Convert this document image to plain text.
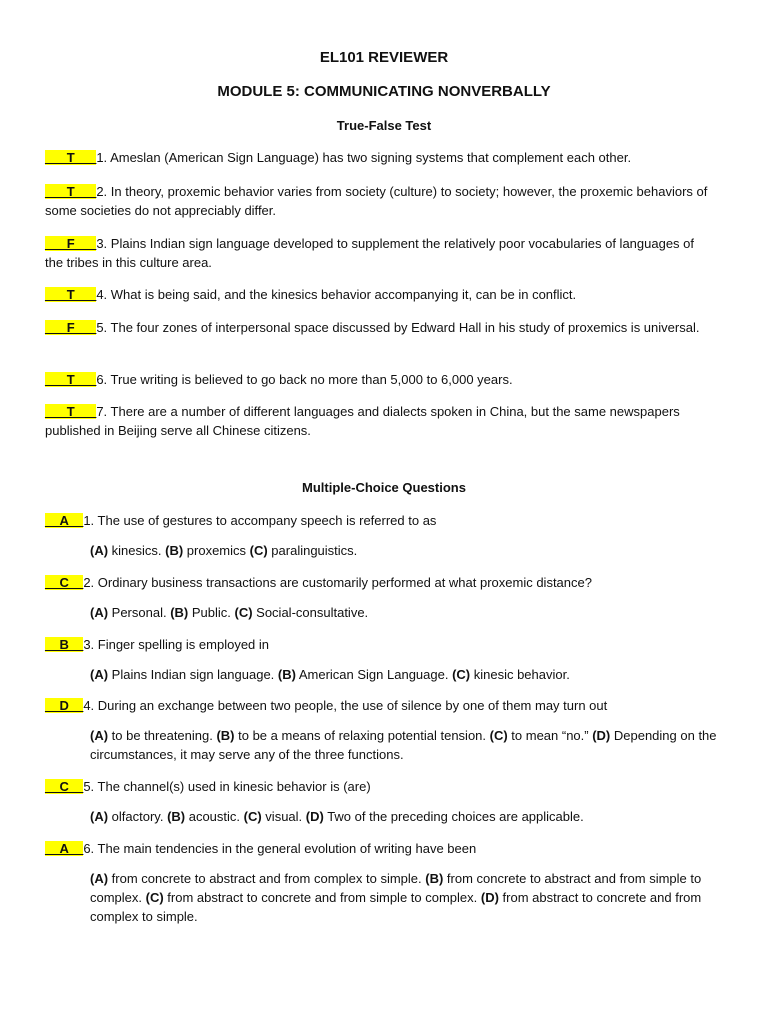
EL101 REVIEWER
MODULE 5: COMMUNICATING NONVERBALLY
True-False Test
___T___1. Ameslan (American Sign Language) has two signing systems that complement each other.
___T___2. In theory, proxemic behavior varies from society (culture) to society; however, the proxemic behaviors of some societies do not appreciably differ.
___F___3. Plains Indian sign language developed to supplement the relatively poor vocabularies of languages of    the tribes in this culture area.
___T___4. What is being said, and the kinesics behavior accompanying it, can be in conflict.
___F___5. The four zones of interpersonal space discussed by Edward Hall in his study of proxemics is universal.
___T___6. True writing is believed to go back no more than 5,000 to 6,000 years.
___T___7. There are a number of different languages and dialects spoken in China, but the same newspapers published in Beijing serve all Chinese citizens.
Multiple-Choice Questions
__A__1. The use of gestures to accompany speech is referred to as
(A) kinesics. (B) proxemics (C) paralinguistics.
__C__2. Ordinary business transactions are customarily performed at what proxemic distance?
(A) Personal. (B) Public. (C) Social-consultative.
__B__3. Finger spelling is employed in
(A) Plains Indian sign language. (B) American Sign Language. (C) kinesic behavior.
__D__4. During an exchange between two people, the use of silence by one of them may turn out
(A) to be threatening. (B) to be a means of relaxing potential tension. (C) to mean “no.” (D) Depending on the circumstances, it may serve any of the three functions.
__C__5. The channel(s) used in kinesic behavior is (are)
(A) olfactory. (B) acoustic. (C) visual. (D) Two of the preceding choices are applicable.
__A__6. The main tendencies in the general evolution of writing have been
(A) from concrete to abstract and from complex to simple. (B) from concrete to abstract and from simple to complex. (C) from abstract to concrete and from simple to complex. (D) from abstract to concrete and from complex to simple.
